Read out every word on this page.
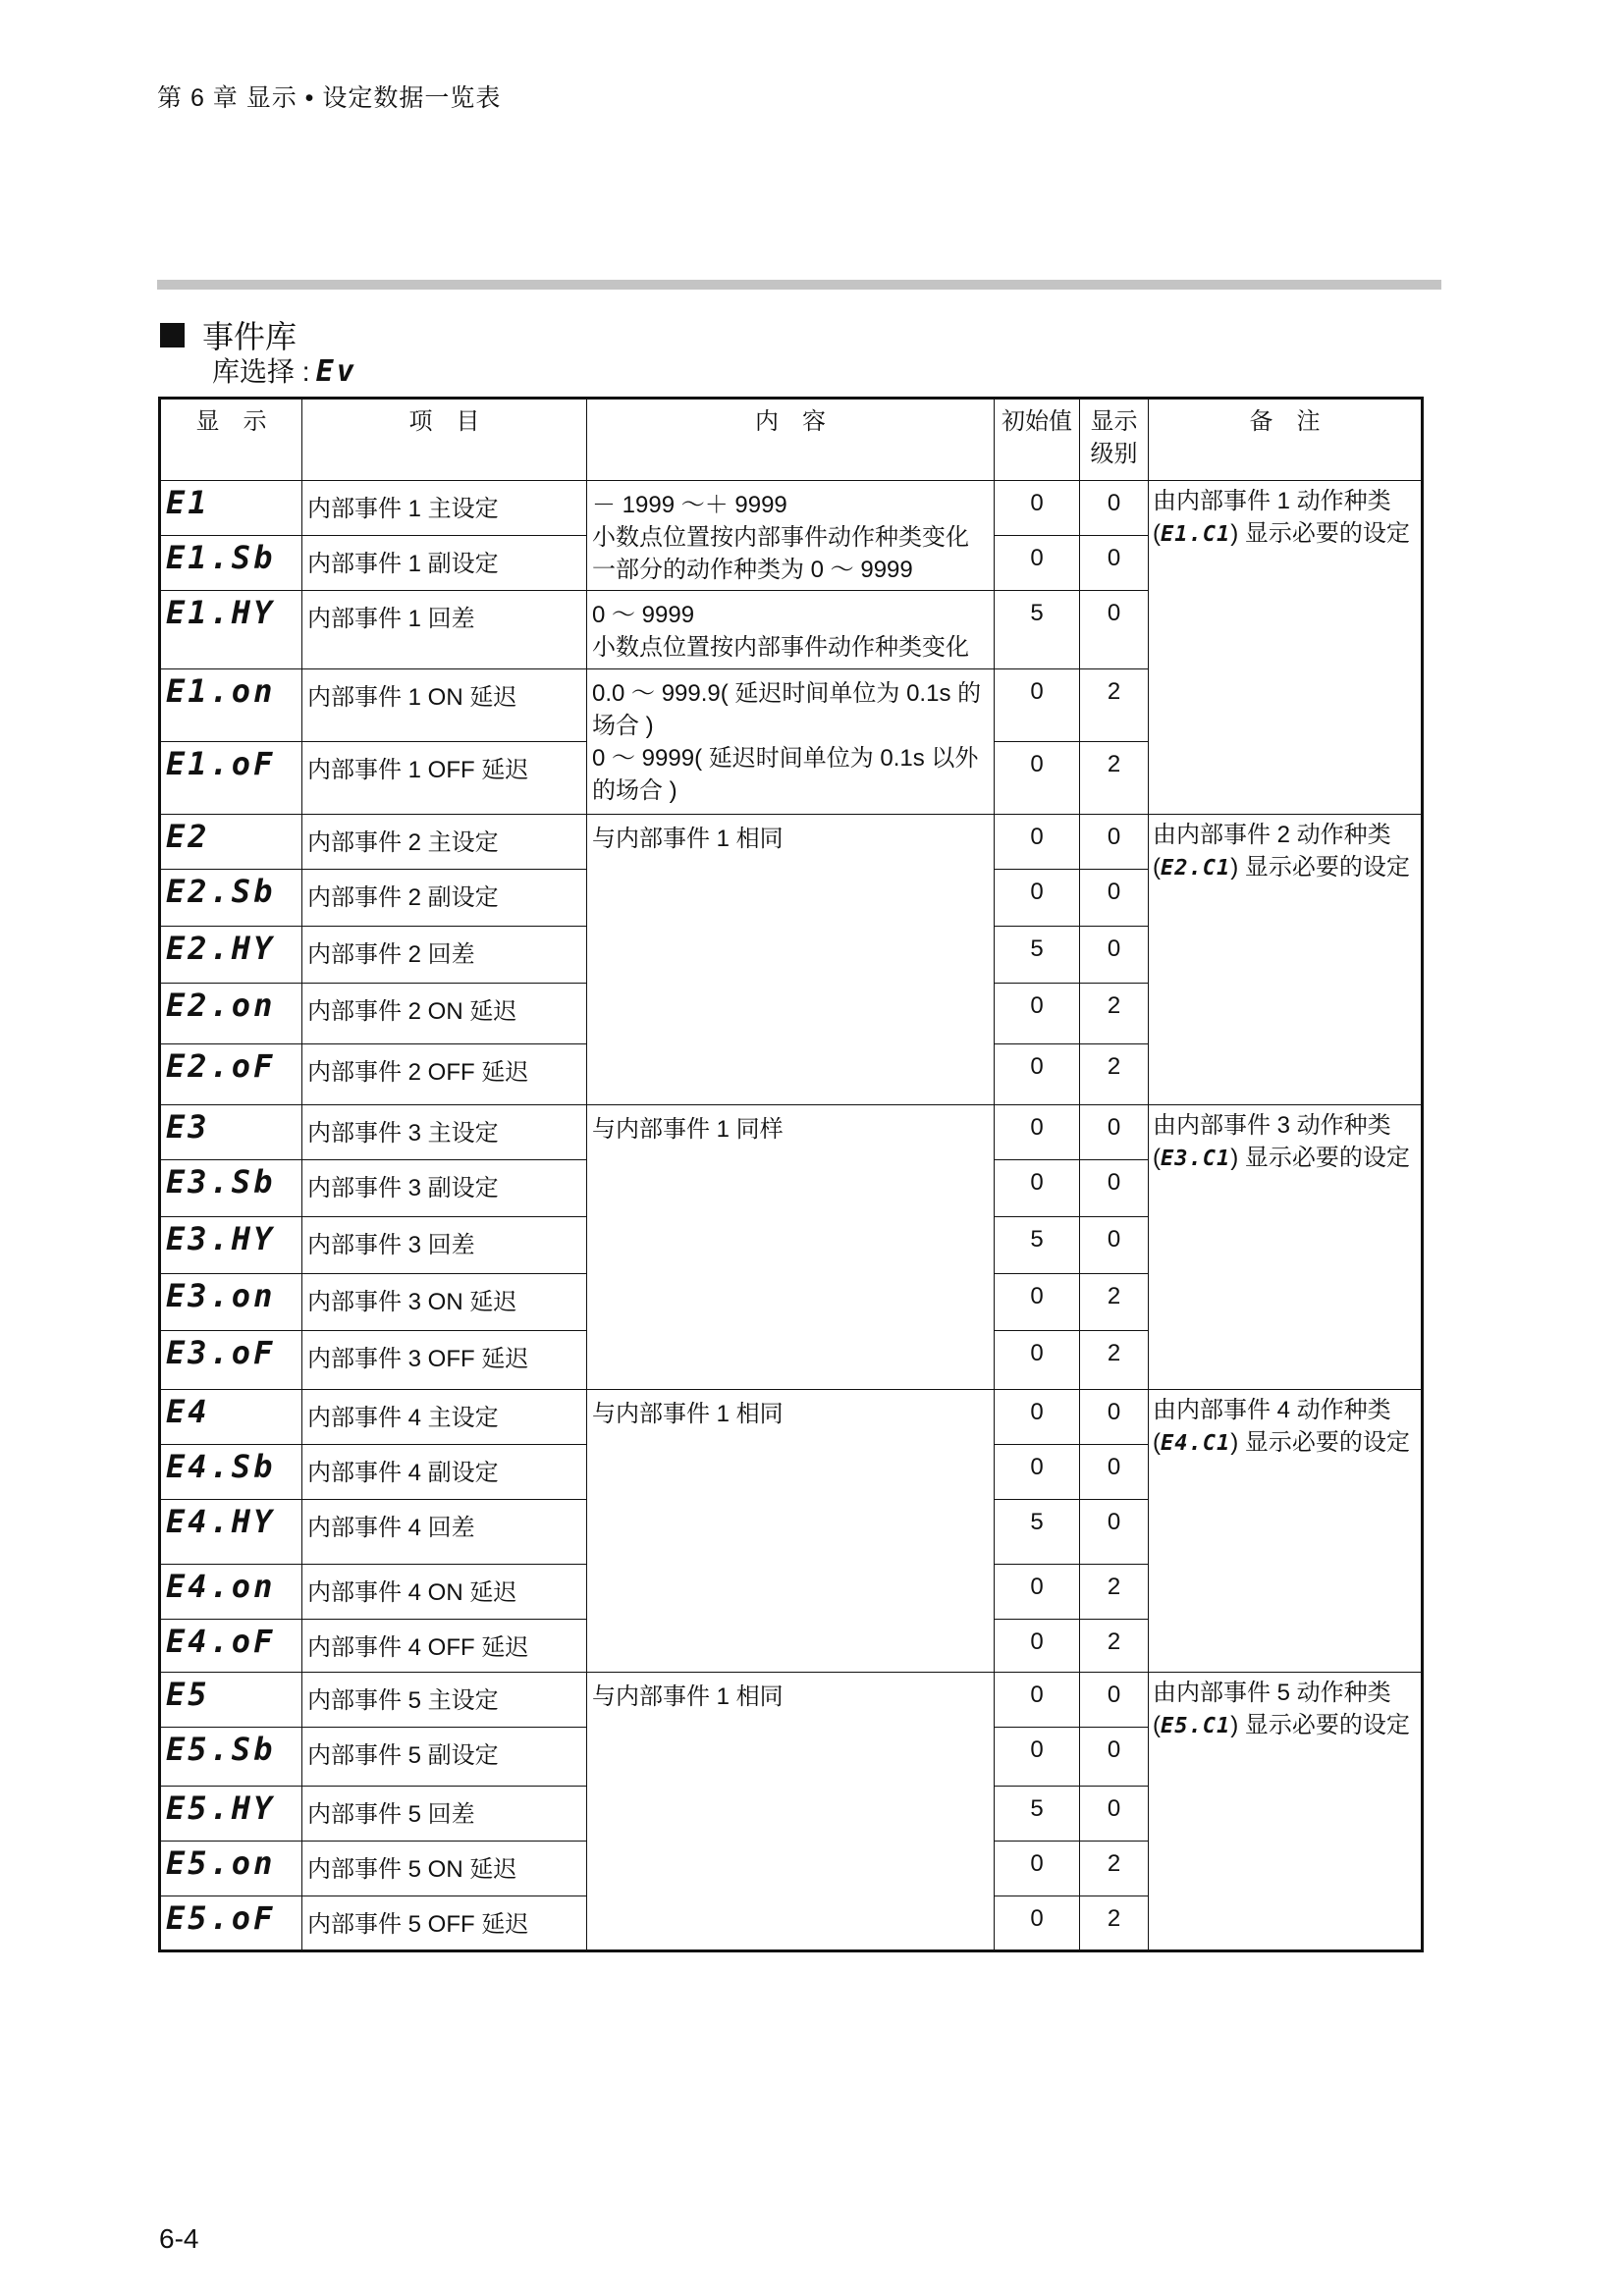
第 6 章 显示 • 设定数据一览表
事件库
库选择 : Ev
显　示	项　目	内　容	初始值	显示级别	备　注
E1	内部事件 1 主设定	－ 1999 ～＋ 9999
小数点位置按内部事件动作种类变化
一部分的动作种类为 0 ～ 9999	0	0	由内部事件 1 动作种类
(E1.C1) 显示必要的设定
E1.Sb	内部事件 1 副设定		0	0	
E1.HY	内部事件 1 回差	0 ～ 9999
小数点位置按内部事件动作种类变化	5	0	
E1.on	内部事件 1 ON 延迟	0.0 ～ 999.9( 延迟时间单位为 0.1s 的场合 )
0 ～ 9999( 延迟时间单位为 0.1s 以外的场合 )	0	2	
E1.oF	内部事件 1 OFF 延迟		0	2	
E2	内部事件 2 主设定	与内部事件 1 相同	0	0	由内部事件 2 动作种类
(E2.C1) 显示必要的设定
E2.Sb	内部事件 2 副设定		0	0	
E2.HY	内部事件 2 回差		5	0	
E2.on	内部事件 2 ON 延迟		0	2	
E2.oF	内部事件 2 OFF 延迟		0	2	
E3	内部事件 3 主设定	与内部事件 1 同样	0	0	由内部事件 3 动作种类
(E3.C1) 显示必要的设定
E3.Sb	内部事件 3 副设定		0	0	
E3.HY	内部事件 3 回差		5	0	
E3.on	内部事件 3 ON 延迟		0	2	
E3.oF	内部事件 3 OFF 延迟		0	2	
E4	内部事件 4 主设定	与内部事件 1 相同	0	0	由内部事件 4 动作种类
(E4.C1) 显示必要的设定
E4.Sb	内部事件 4 副设定		0	0	
E4.HY	内部事件 4 回差		5	0	
E4.on	内部事件 4 ON 延迟		0	2	
E4.oF	内部事件 4 OFF 延迟		0	2	
E5	内部事件 5 主设定	与内部事件 1 相同	0	0	由内部事件 5 动作种类
(E5.C1) 显示必要的设定
E5.Sb	内部事件 5 副设定		0	0	
E5.HY	内部事件 5 回差		5	0	
E5.on	内部事件 5 ON 延迟		0	2	
E5.oF	内部事件 5 OFF 延迟		0	2	
6-4
